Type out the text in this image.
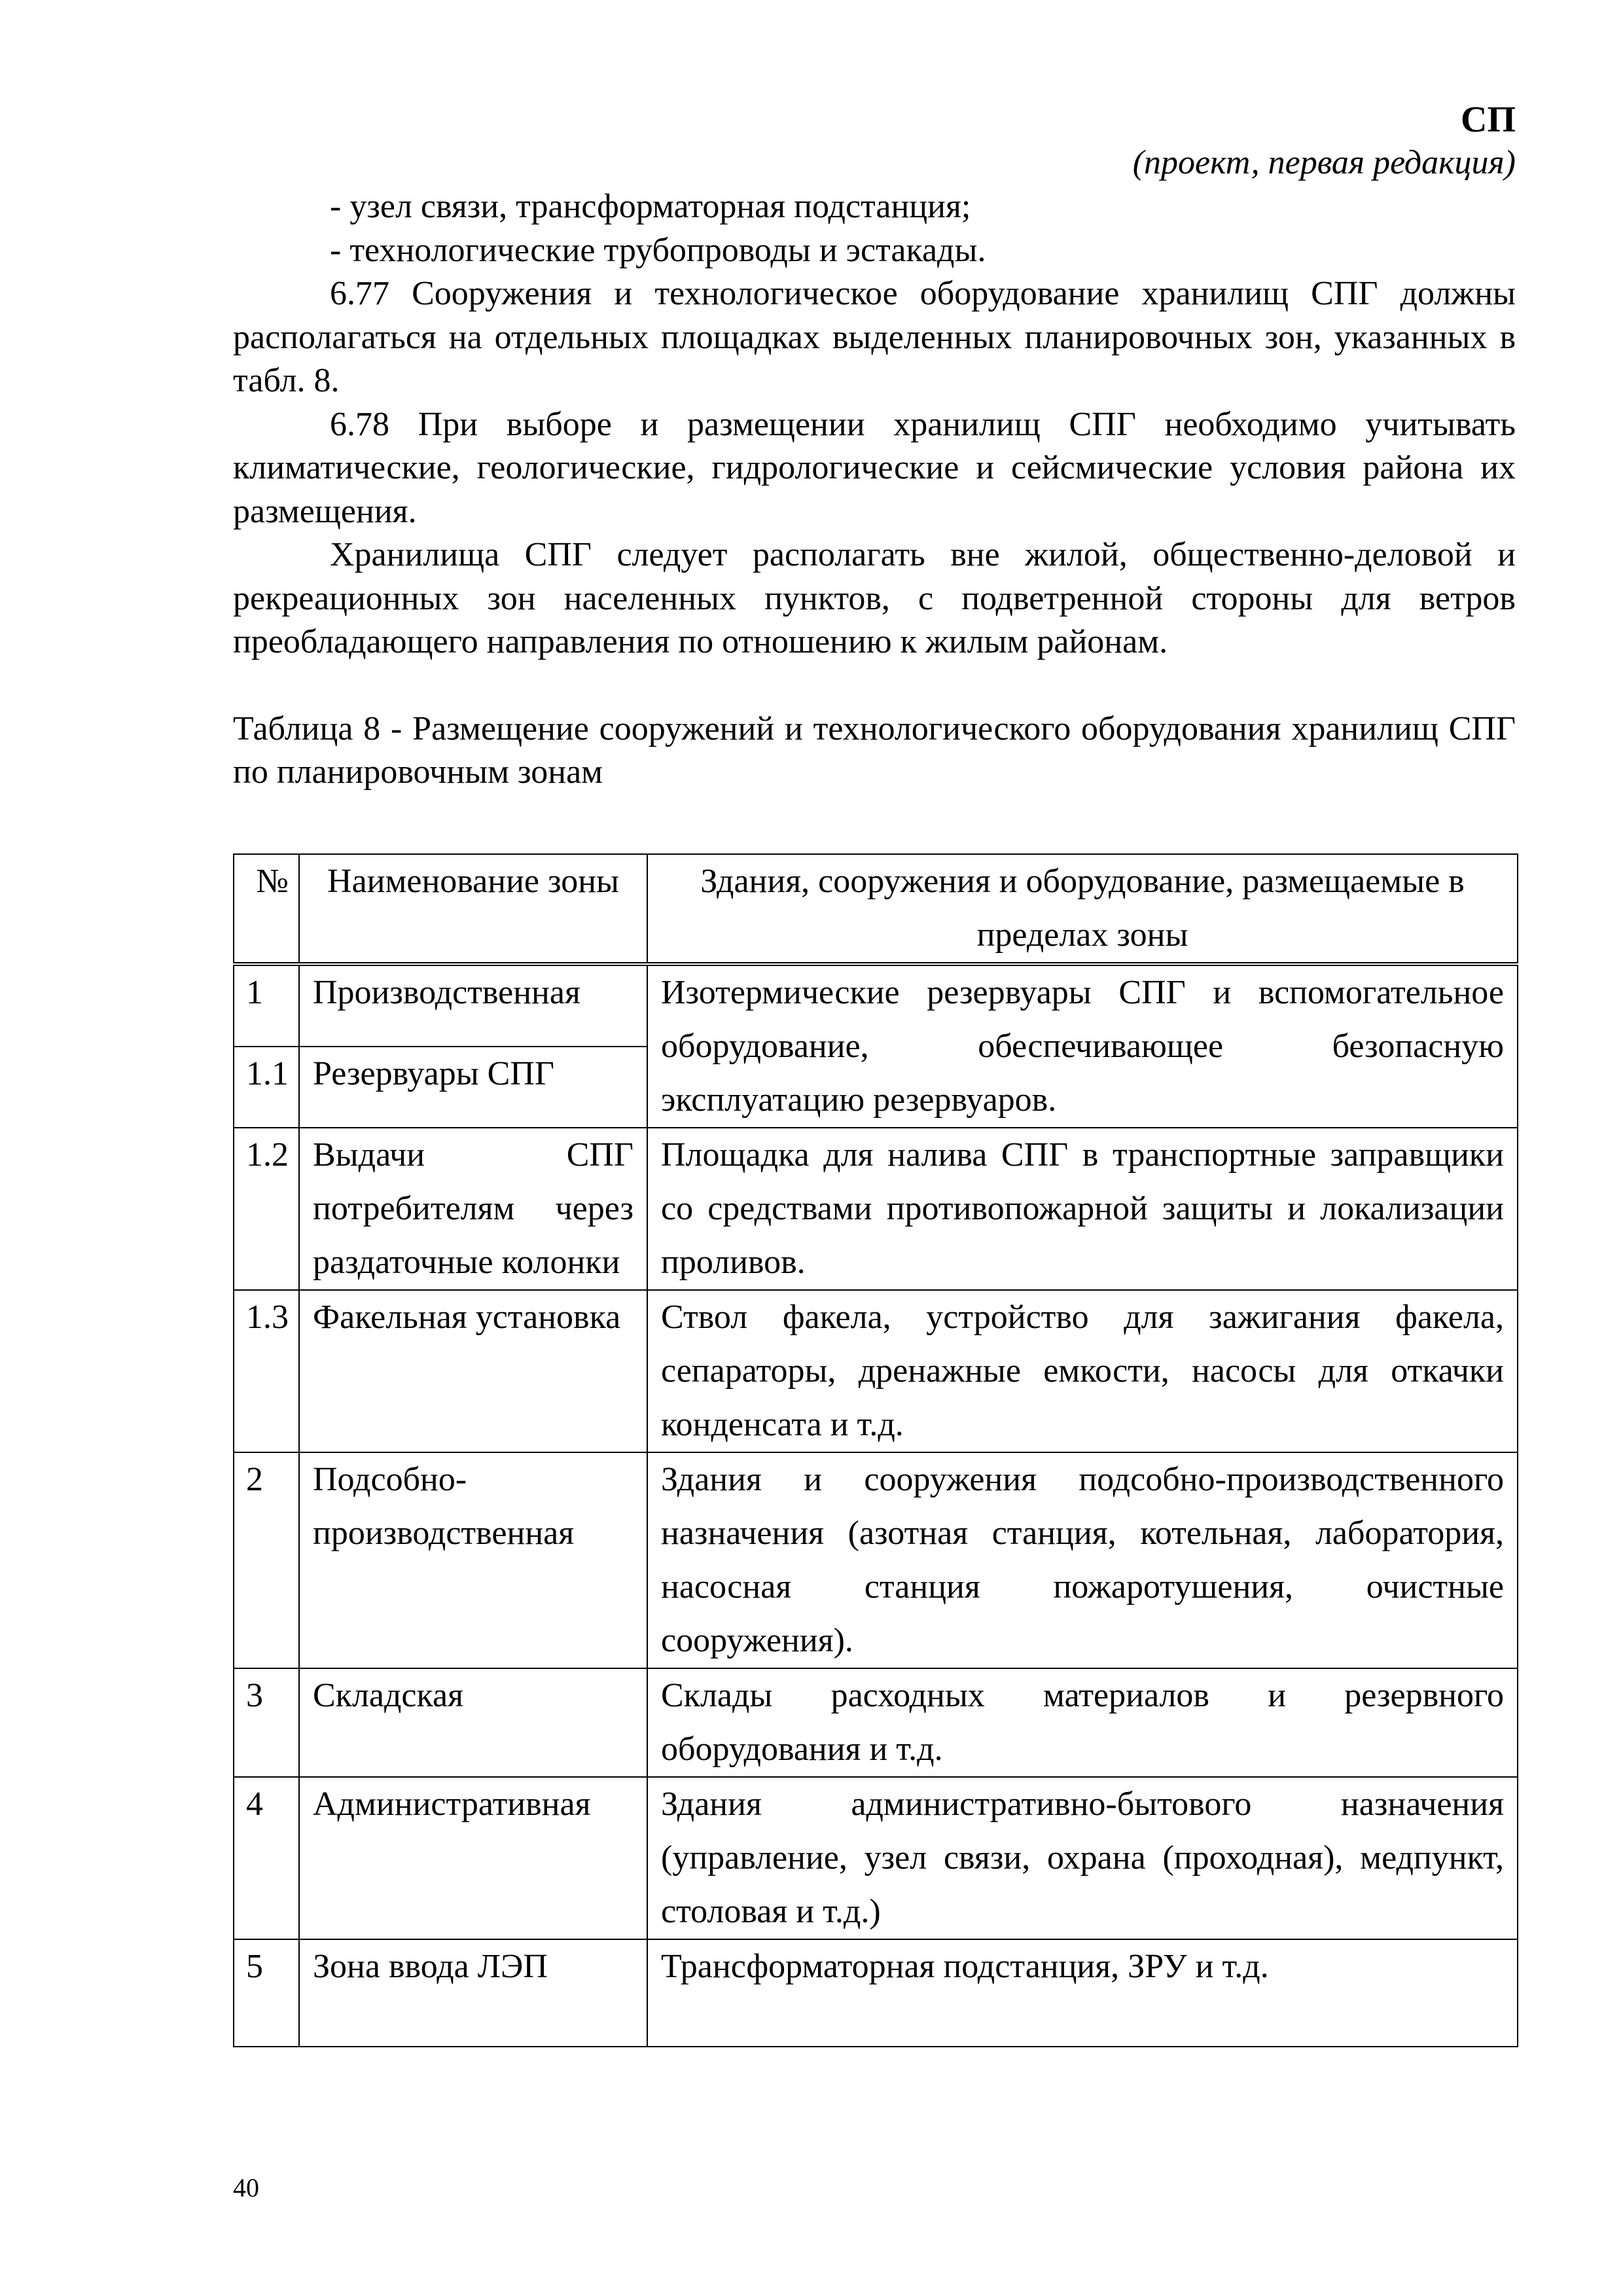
СП
(проект, первая редакция)

- узел связи, трансформаторная подстанция;

- технологические трубопроводы и эстакады.

6.77 Сооружения и технологическое оборудование хранилищ СПГ должны располагаться на отдельных площадках выделенных планировочных зон, указанных в табл. 8.

6.78 При выборе и размещении хранилищ СПГ необходимо учитывать климатические, геологические, гидрологические и сейсмические условия района их размещения.

Хранилища СПГ следует располагать вне жилой, общественно-деловой и рекреационных зон населенных пунктов, с подветренной стороны для ветров преобладающего направления по отношению к жилым районам.

Таблица 8 - Размещение сооружений и технологического оборудования хранилищ СПГ по планировочным зонам

№	Наименование зоны	Здания, сооружения и оборудование, размещаемые в пределах зоны
1	Производственная	Изотермические резервуары СПГ и вспомогательное оборудование, обеспечивающее безопасную эксплуатацию резервуаров.
1.1	Резервуары СПГ	
1.2	Выдачи СПГ потребителям через раздаточные колонки	Площадка для налива СПГ в транспортные заправщики со средствами противопожарной защиты и локализации проливов.
1.3	Факельная установка	Ствол факела, устройство для зажигания факела, сепараторы, дренажные емкости, насосы для откачки конденсата и т.д.
2	Подсобно-производственная	Здания и сооружения подсобно-производственного назначения (азотная станция, котельная, лаборатория, насосная станция пожаротушения, очистные сооружения).
3	Складская	Склады расходных материалов и резервного оборудования и т.д.
4	Административная	Здания административно-бытового назначения (управление, узел связи, охрана (проходная), медпункт, столовая и т.д.)
5	Зона ввода ЛЭП	Трансформаторная подстанция, ЗРУ и т.д.
40
